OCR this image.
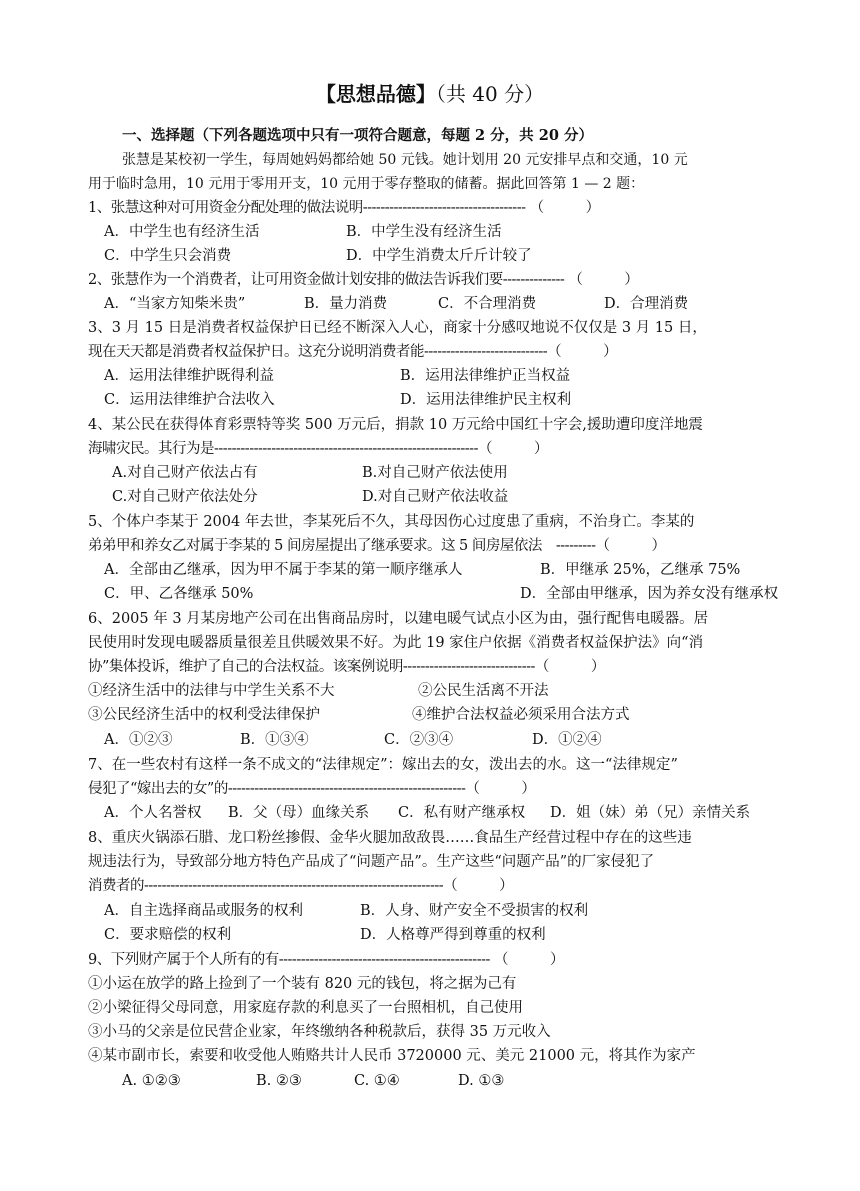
【思想品德】（共 40 分）
一、选择题（下列各题选项中只有一项符合题意，每题 2 分，共 20 分）
张慧是某校初一学生，每周她妈妈都给她 50 元钱。她计划用 20 元安排早点和交通，10 元
用于临时急用，10 元用于零用开支，10 元用于零存整取的储蓄。据此回答第 1 — 2 题：
1、张慧这种对可用资金分配处理的做法说明------------------------------------- （　　　）
A．中学生也有经济生活	B．中学生没有经济生活
C．中学生只会消费	D．中学生消费太斤斤计较了
2、张慧作为一个消费者，让可用资金做计划安排的做法告诉我们要-------------- （　　　）
A．“当家方知柴米贵”	B．量力消费	C．不合理消费	D．合理消费
3、3 月 15 日是消费者权益保护日已经不断深入人心，商家十分感叹地说不仅仅是 3 月 15 日，
现在天天都是消费者权益保护日。这充分说明消费者能----------------------------（　　　）
A．运用法律维护既得利益	B．运用法律维护正当权益
C．运用法律维护合法收入	D．运用法律维护民主权利
4、某公民在获得体育彩票特等奖 500 万元后，捐款 10 万元给中国红十字会,援助遭印度洋地震
海啸灾民。其行为是------------------------------------------------------------（　　　）
A.对自己财产依法占有	B.对自己财产依法使用
C.对自己财产依法处分	D.对自己财产依法收益
5、个体户李某于 2004 年去世，李某死后不久，其母因伤心过度患了重病，不治身亡。李某的
弟弟甲和养女乙对属于李某的 5 间房屋提出了继承要求。这 5 间房屋依法　---------（　　　）
A．全部由乙继承，因为甲不属于李某的第一顺序继承人	B．甲继承 25%，乙继承 75%
C．甲、乙各继承 50%	D．全部由甲继承，因为养女没有继承权
6、2005 年 3 月某房地产公司在出售商品房时，以建电暖气试点小区为由，强行配售电暖器。居
民使用时发现电暖器质量很差且供暖效果不好。为此 19 家住户依据《消费者权益保护法》向“消
协”集体投诉，维护了自己的合法权益。该案例说明------------------------------（　　　）
①经济生活中的法律与中学生关系不大	②公民生活离不开法
③公民经济生活中的权利受法律保护	④维护合法权益必须采用合法方式
A．①②③	B．①③④	C．②③④	D．①②④
7、在一些农村有这样一条不成文的“法律规定”：嫁出去的女，泼出去的水。这一“法律规定”
侵犯了“嫁出去的女”的------------------------------------------------------（　　　）
A．个人名誉权 B．父（母）血缘关系 C．私有财产继承权 D．姐（妹）弟（兄）亲情关系
8、重庆火锅添石腊、龙口粉丝掺假、金华火腿加敌敌畏……食品生产经营过程中存在的这些违
规违法行为，导致部分地方特色产品成了“问题产品”。生产这些“问题产品”的厂家侵犯了
消费者的--------------------------------------------------------------------（　　　）
A．自主选择商品或服务的权利	B．人身、财产安全不受损害的权利
C．要求赔偿的权利	D．人格尊严得到尊重的权利
9、下列财产属于个人所有的有------------------------------------------------ （　　　）
①小运在放学的路上捡到了一个装有 820 元的钱包，将之据为己有
②小梁征得父母同意，用家庭存款的利息买了一台照相机，自己使用
③小马的父亲是位民营企业家，年终缴纳各种税款后，获得 35 万元收入
④某市副市长，索要和收受他人贿赂共计人民币 3720000 元、美元 21000 元，将其作为家产
A. ①②③	B. ②③	C. ①④	D. ①③
